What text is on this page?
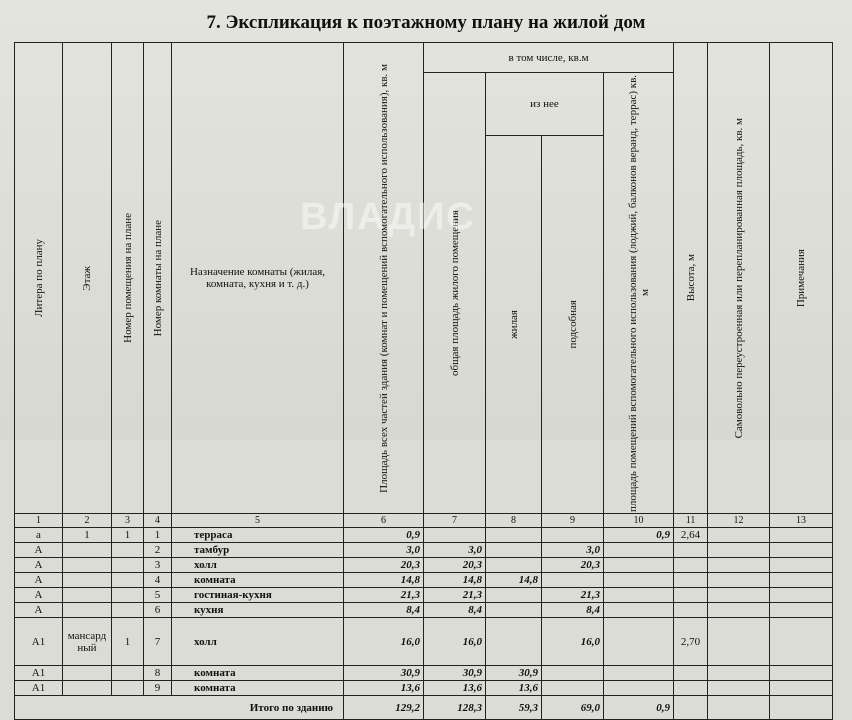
7. Экспликация к поэтажному плану на жилой дом
Литера по плану	Этаж	Номер помещения на плане	Номер комнаты на плане	Назначение комнаты (жилая, комната, кухня и т. д.)	Площадь всех частей здания (комнат и помещений вспомогательного использования), кв. м	в том числе, кв.м				Высота, м	Самовольно переустроенная или перепланированная площадь, кв. м	Примечания

						общая площадь жилого помещения	из нее		площадь помещений вспомогательного использования (лоджий, балконов веранд, террас) кв. м			

							жилая	подсобная				

1	2	3	4	5	6	7	8	9	10	11	12	13
а	1	1	1	терраса	0,9				0,9	2,64		
А			2	тамбур	3,0	3,0		3,0				
А			3	холл	20,3	20,3		20,3				
А			4	комната	14,8	14,8	14,8					
А			5	гостиная-кухня	21,3	21,3		21,3				
А			6	кухня	8,4	8,4		8,4				
А1	мансардный	1	7	холл	16,0	16,0		16,0		2,70		
А1			8	комната	30,9	30,9	30,9					
А1			9	комната	13,6	13,6	13,6					
Итого по зданию					129,2	128,3	59,3	69,0	0,9			
ВЛАДИС
